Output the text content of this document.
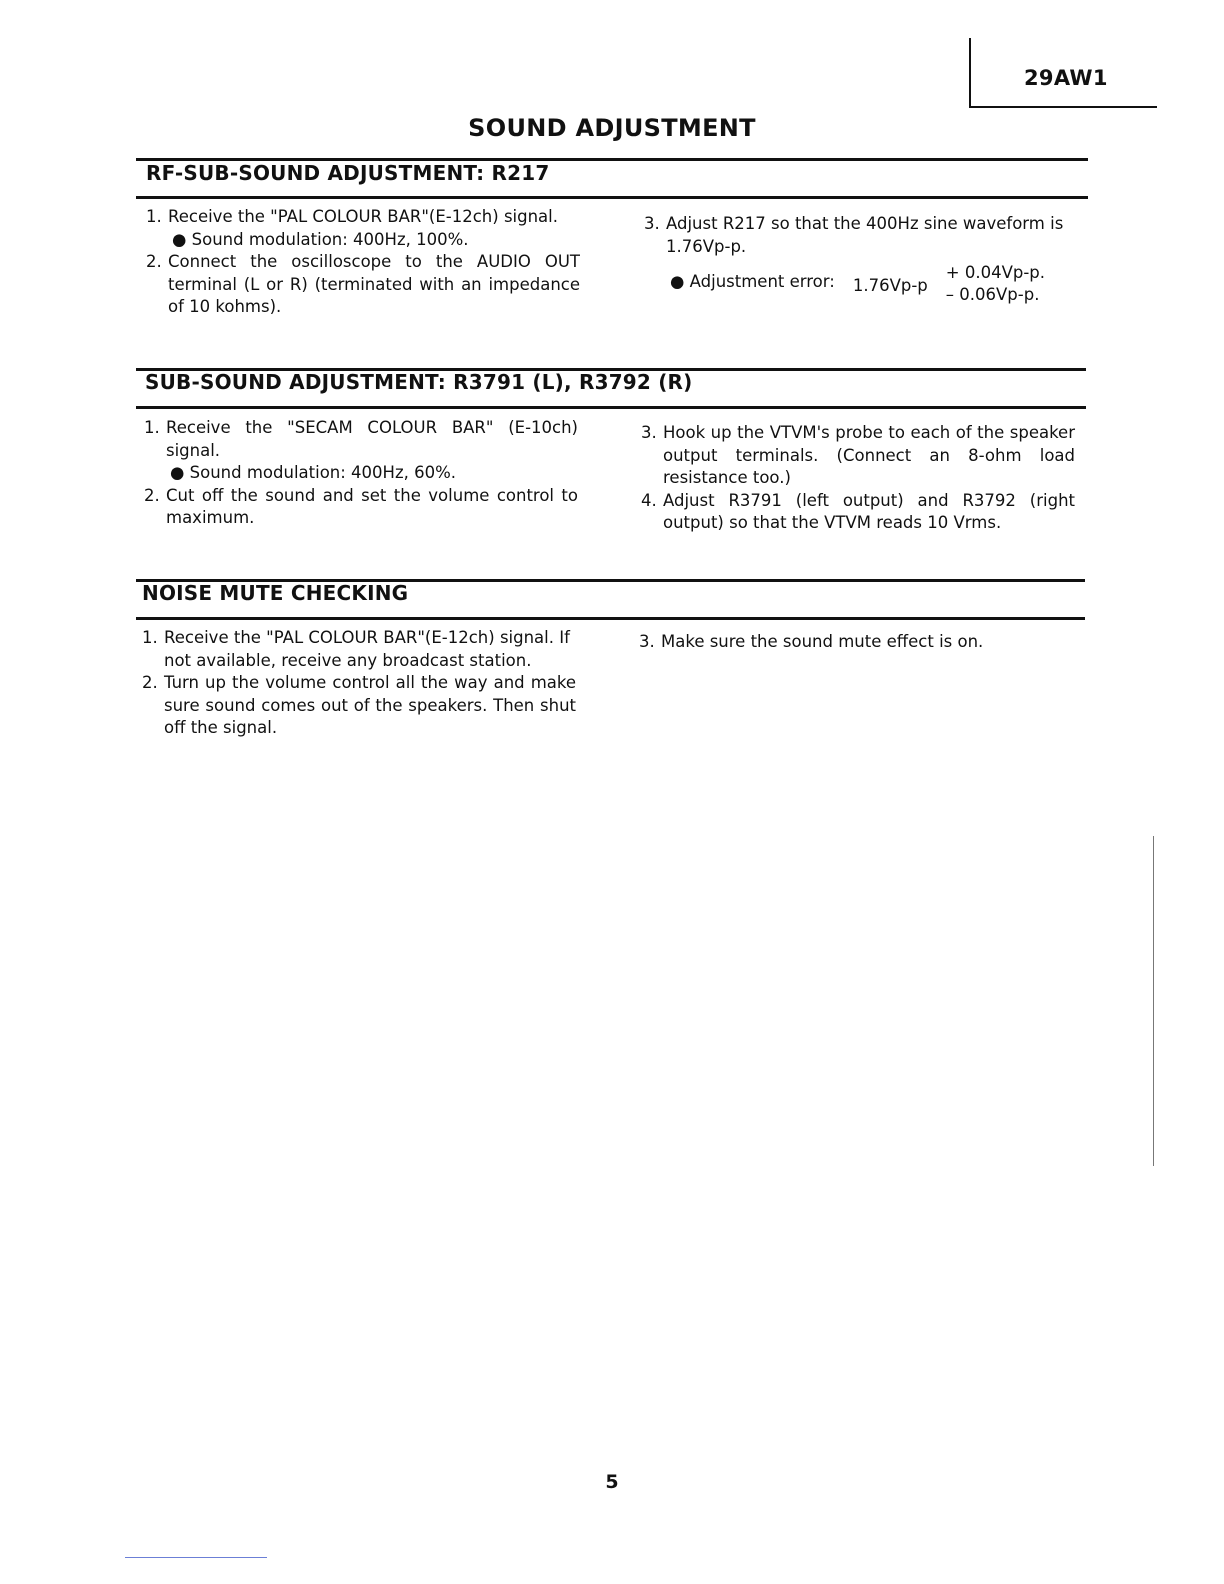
29AW1
SOUND ADJUSTMENT
RF-SUB-SOUND ADJUSTMENT: R217
1. Receive the "PAL COLOUR BAR"(E-12ch) signal.
● Sound modulation: 400Hz, 100%.
2. Connect the oscilloscope to the AUDIO OUT terminal (L or R) (terminated with an impedance of 10 kohms).
3. Adjust R217 so that the 400Hz sine waveform is 1.76Vp-p.
● Adjustment error: 1.76Vp-p
+ 0.04Vp-p.
– 0.06Vp-p.
SUB-SOUND ADJUSTMENT: R3791 (L), R3792 (R)
1. Receive the "SECAM COLOUR BAR" (E-10ch) signal.
● Sound modulation: 400Hz, 60%.
2. Cut off the sound and set the volume control to maximum.
3. Hook up the VTVM's probe to each of the speaker output terminals. (Connect an 8-ohm load resistance too.)
4. Adjust R3791 (left output) and R3792 (right output) so that the VTVM reads 10 Vrms.
NOISE MUTE CHECKING
1. Receive the "PAL COLOUR BAR"(E-12ch) signal. If not available, receive any broadcast station.
2. Turn up the volume control all the way and make sure sound comes out of the speakers. Then shut off the signal.
3. Make sure the sound mute effect is on.
5
